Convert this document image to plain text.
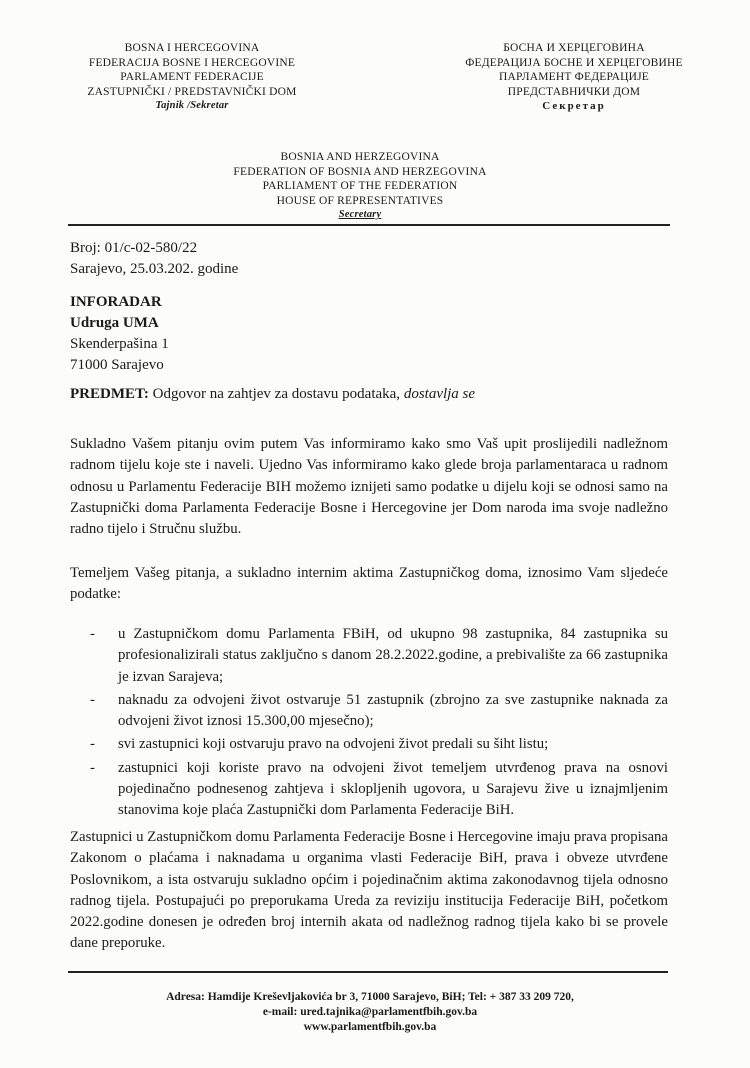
BOSNA I HERCEGOVINA
FEDERACIJA BOSNE I HERCEGOVINE
PARLAMENT FEDERACIJE
ZASTUPNIČKI / PREDSTAVNIČKI DOM
Tajnik /Sekretar
БОСНА И ХЕРЦЕГОВИНА
ФЕДЕРАЦИЈА БОСНЕ И ХЕРЦЕГОВИНЕ
ПАРЛАМЕНТ ФЕДЕРАЦИЈЕ
ПРЕДСТАВНИЧКИ ДОМ
Секретар
BOSNIA AND HERZEGOVINA
FEDERATION OF BOSNIA AND HERZEGOVINA
PARLIAMENT OF THE FEDERATION
HOUSE OF REPRESENTATIVES
Secretary
Broj: 01/c-02-580/22
Sarajevo, 25.03.202. godine
INFORADAR
Udruga UMA
Skenderpašina 1
71000 Sarajevo
PREDMET: Odgovor na zahtjev za dostavu podataka, dostavlja se
Sukladno Vašem pitanju ovim putem Vas informiramo kako smo Vaš upit proslijedili nadležnom radnom tijelu koje ste i naveli. Ujedno Vas informiramo kako glede broja parlamentaraca u radnom odnosu u Parlamentu Federacije BIH možemo iznijeti samo podatke u dijelu koji se odnosi samo na Zastupnički doma Parlamenta Federacije Bosne i Hercegovine jer Dom naroda ima svoje nadležno radno tijelo i Stručnu službu.
Temeljem Vašeg pitanja, a sukladno internim aktima Zastupničkog doma, iznosimo Vam sljedeće podatke:
- u Zastupničkom domu Parlamenta FBiH, od ukupno 98 zastupnika, 84 zastupnika su profesionalizirali status zaključno s danom 28.2.2022.godine, a prebivalište za 66 zastupnika je izvan Sarajeva;
- naknadu za odvojeni život ostvaruje 51 zastupnik (zbrojno za sve zastupnike naknada za odvojeni život iznosi 15.300,00 mjesečno);
- svi zastupnici koji ostvaruju pravo na odvojeni život predali su šiht listu;
- zastupnici koji koriste pravo na odvojeni život temeljem utvrđenog prava na osnovi pojedinačno podnesenog zahtjeva i sklopljenih ugovora, u Sarajevu žive u iznajmljenim stanovima koje plaća Zastupnički dom Parlamenta Federacije BiH.
Zastupnici u Zastupničkom domu Parlamenta Federacije Bosne i Hercegovine imaju prava propisana Zakonom o plaćama i naknadama u organima vlasti Federacije BiH, prava i obveze utvrđene Poslovnikom, a ista ostvaruju sukladno općim i pojedinačnim aktima zakonodavnog tijela odnosno radnog tijela. Postupajući po preporukama Ureda za reviziju institucija Federacije BiH, početkom 2022.godine donesen je određen broj internih akata od nadležnog radnog tijela kako bi se provele dane preporuke.
Adresa: Hamdije Kreševljakovića br 3, 71000 Sarajevo, BiH; Tel: + 387 33 209 720,
e-mail: ured.tajnika@parlamentfbih.gov.ba
www.parlamentfbih.gov.ba
